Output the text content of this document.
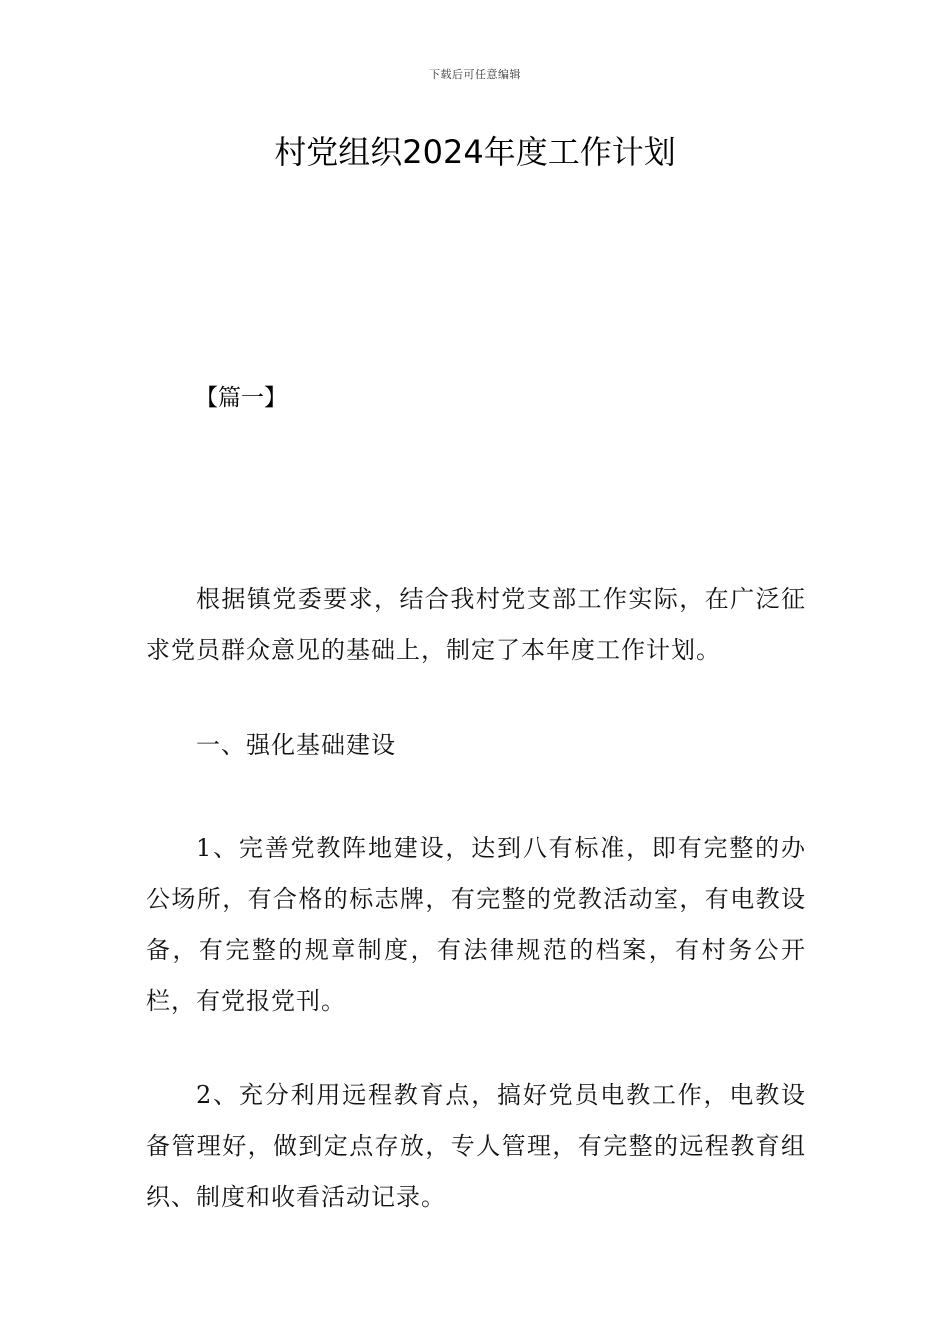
下载后可任意编辑
村党组织2024年度工作计划
【篇一】

根据镇党委要求，结合我村党支部工作实际，在广泛征求党员群众意见的基础上，制定了本年度工作计划。

一、强化基础建设

1、完善党教阵地建设，达到八有标准，即有完整的办公场所，有合格的标志牌，有完整的党教活动室，有电教设备，有完整的规章制度，有法律规范的档案，有村务公开栏，有党报党刊。

2、充分利用远程教育点，搞好党员电教工作，电教设备管理好，做到定点存放，专人管理，有完整的远程教育组织、制度和收看活动记录。
